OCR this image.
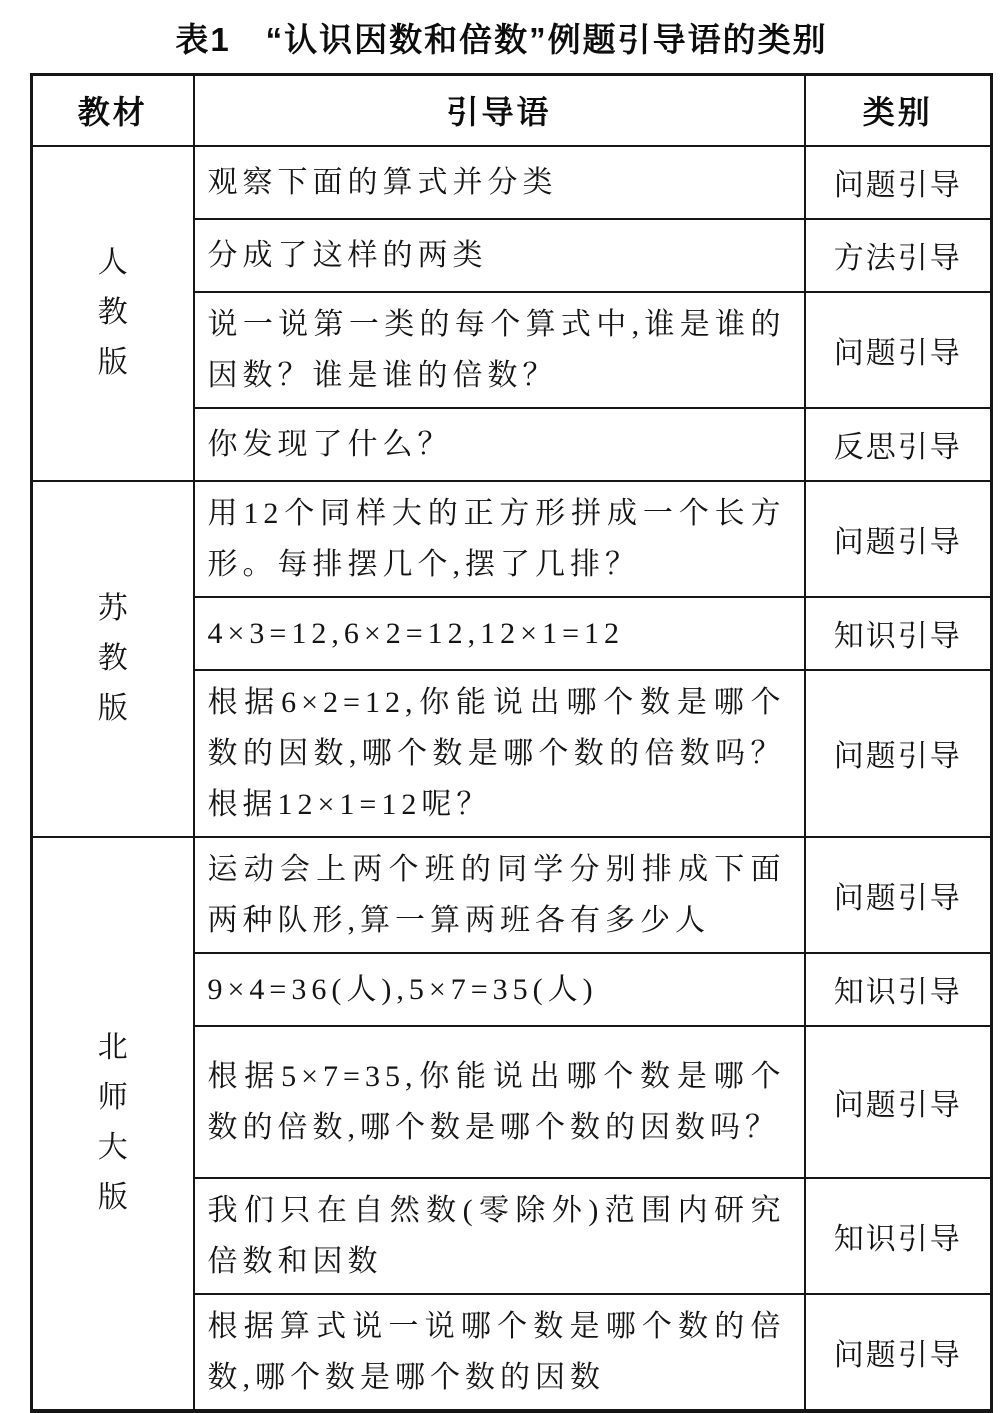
表1　“认识因数和倍数”例题引导语的类别
教材	引导语	类别
人教版	观察下面的算式并分类	问题引导
	分成了这样的两类	方法引导
	说一说第一类的每个算式中,谁是谁的因数？谁是谁的倍数？	问题引导
	你发现了什么？	反思引导
苏教版	用12个同样大的正方形拼成一个长方形。每排摆几个,摆了几排？	问题引导
	4×3=12,6×2=12,12×1=12	知识引导
	根据6×2=12,你能说出哪个数是哪个数的因数,哪个数是哪个数的倍数吗？根据12×1=12呢？	问题引导
北师大版	运动会上两个班的同学分别排成下面两种队形,算一算两班各有多少人	问题引导
	9×4=36(人),5×7=35(人)	知识引导
	根据5×7=35,你能说出哪个数是哪个数的倍数,哪个数是哪个数的因数吗？	问题引导
	我们只在自然数(零除外)范围内研究倍数和因数	知识引导
	根据算式说一说哪个数是哪个数的倍数,哪个数是哪个数的因数	问题引导
